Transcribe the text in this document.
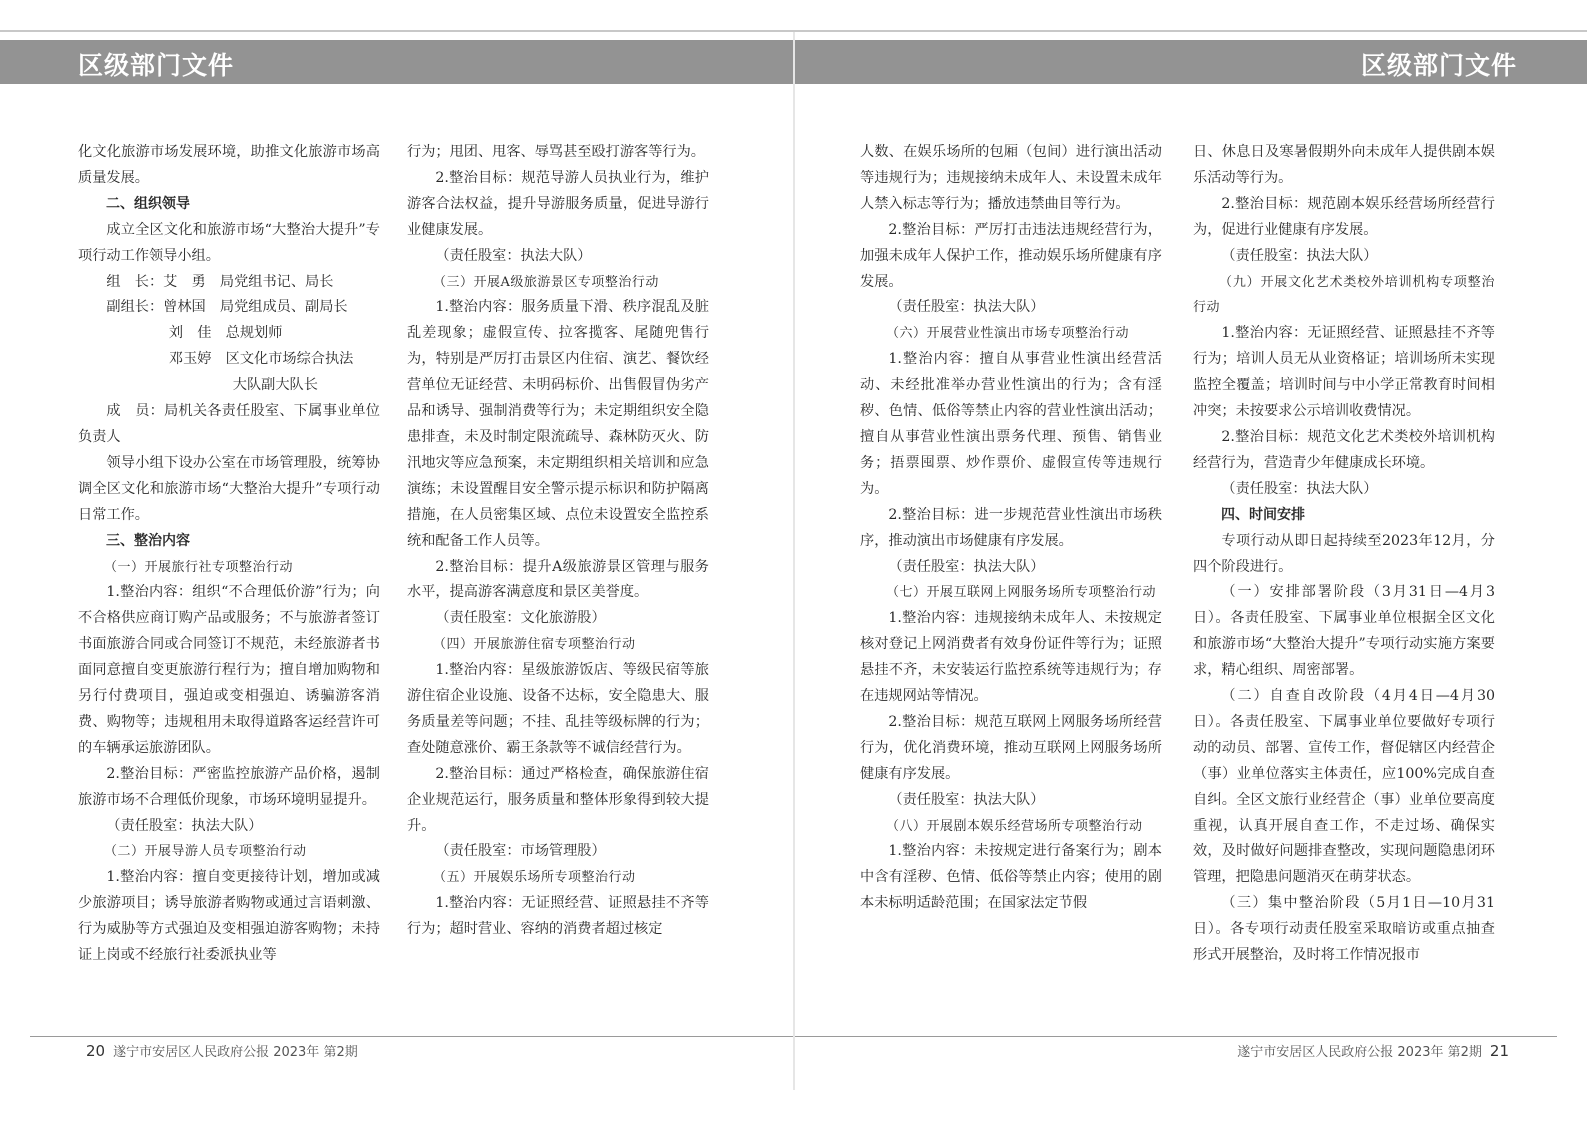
区级部门文件	区级部门文件

化文化旅游市场发展环境，助推文化旅游市场高质量发展。

二、组织领导

成立全区文化和旅游市场“大整治大提升”专项行动工作领导小组。

组　长：艾　勇　局党组书记、局长

副组长：曾林国　局党组成员、副局长

刘　佳　总规划师

邓玉婷　区文化市场综合执法

大队副大队长

成　员：局机关各责任股室、下属事业单位负责人

领导小组下设办公室在市场管理股，统筹协调全区文化和旅游市场“大整治大提升”专项行动日常工作。

三、整治内容

（一）开展旅行社专项整治行动

1.整治内容：组织“不合理低价游”行为；向不合格供应商订购产品或服务；不与旅游者签订书面旅游合同或合同签订不规范，未经旅游者书面同意擅自变更旅游行程行为；擅自增加购物和另行付费项目，强迫或变相强迫、诱骗游客消费、购物等；违规租用未取得道路客运经营许可的车辆承运旅游团队。

2.整治目标：严密监控旅游产品价格，遏制旅游市场不合理低价现象，市场环境明显提升。

（责任股室：执法大队）

（二）开展导游人员专项整治行动

1.整治内容：擅自变更接待计划，增加或减少旅游项目；诱导旅游者购物或通过言语刺激、行为威胁等方式强迫及变相强迫游客购物；未持证上岗或不经旅行社委派执业等

行为；甩团、甩客、辱骂甚至殴打游客等行为。

2.整治目标：规范导游人员执业行为，维护游客合法权益，提升导游服务质量，促进导游行业健康发展。

（责任股室：执法大队）

（三）开展A级旅游景区专项整治行动

1.整治内容：服务质量下滑、秩序混乱及脏乱差现象；虚假宣传、拉客揽客、尾随兜售行为，特别是严厉打击景区内住宿、演艺、餐饮经营单位无证经营、未明码标价、出售假冒伪劣产品和诱导、强制消费等行为；未定期组织安全隐患排查，未及时制定限流疏导、森林防灭火、防汛地灾等应急预案，未定期组织相关培训和应急演练；未设置醒目安全警示提示标识和防护隔离措施，在人员密集区域、点位未设置安全监控系统和配备工作人员等。

2.整治目标：提升A级旅游景区管理与服务水平，提高游客满意度和景区美誉度。

（责任股室：文化旅游股）

（四）开展旅游住宿专项整治行动

1.整治内容：星级旅游饭店、等级民宿等旅游住宿企业设施、设备不达标，安全隐患大、服务质量差等问题；不挂、乱挂等级标牌的行为；查处随意涨价、霸王条款等不诚信经营行为。

2.整治目标：通过严格检查，确保旅游住宿企业规范运行，服务质量和整体形象得到较大提升。

（责任股室：市场管理股）

（五）开展娱乐场所专项整治行动

1.整治内容：无证照经营、证照悬挂不齐等行为；超时营业、容纳的消费者超过核定

人数、在娱乐场所的包厢（包间）进行演出活动等违规行为；违规接纳未成年人、未设置未成年人禁入标志等行为；播放违禁曲目等行为。

2.整治目标：严厉打击违法违规经营行为，加强未成年人保护工作，推动娱乐场所健康有序发展。

（责任股室：执法大队）

（六）开展营业性演出市场专项整治行动

1.整治内容：擅自从事营业性演出经营活动、未经批准举办营业性演出的行为；含有淫秽、色情、低俗等禁止内容的营业性演出活动；擅自从事营业性演出票务代理、预售、销售业务；捂票囤票、炒作票价、虚假宣传等违规行为。

2.整治目标：进一步规范营业性演出市场秩序，推动演出市场健康有序发展。

（责任股室：执法大队）

（七）开展互联网上网服务场所专项整治行动

1.整治内容：违规接纳未成年人、未按规定核对登记上网消费者有效身份证件等行为；证照悬挂不齐，未安装运行监控系统等违规行为；存在违规网站等情况。

2.整治目标：规范互联网上网服务场所经营行为，优化消费环境，推动互联网上网服务场所健康有序发展。

（责任股室：执法大队）

（八）开展剧本娱乐经营场所专项整治行动

1.整治内容：未按规定进行备案行为；剧本中含有淫秽、色情、低俗等禁止内容；使用的剧本未标明适龄范围；在国家法定节假

日、休息日及寒暑假期外向未成年人提供剧本娱乐活动等行为。

2.整治目标：规范剧本娱乐经营场所经营行为，促进行业健康有序发展。

（责任股室：执法大队）

（九）开展文化艺术类校外培训机构专项整治行动

1.整治内容：无证照经营、证照悬挂不齐等行为；培训人员无从业资格证；培训场所未实现监控全覆盖；培训时间与中小学正常教育时间相冲突；未按要求公示培训收费情况。

2.整治目标：规范文化艺术类校外培训机构经营行为，营造青少年健康成长环境。

（责任股室：执法大队）

四、时间安排

专项行动从即日起持续至2023年12月，分四个阶段进行。

（一）安排部署阶段（3月31日—4月3日）。各责任股室、下属事业单位根据全区文化和旅游市场“大整治大提升”专项行动实施方案要求，精心组织、周密部署。

（二）自查自改阶段（4月4日—4月30日）。各责任股室、下属事业单位要做好专项行动的动员、部署、宣传工作，督促辖区内经营企（事）业单位落实主体责任，应100%完成自查自纠。全区文旅行业经营企（事）业单位要高度重视，认真开展自查工作，不走过场、确保实效，及时做好问题排查整改，实现问题隐患闭环管理，把隐患问题消灭在萌芽状态。

（三）集中整治阶段（5月1日—10月31日）。各专项行动责任股室采取暗访或重点抽查形式开展整治，及时将工作情况报市

20 遂宁市安居区人民政府公报 2023年 第2期	遂宁市安居区人民政府公报 2023年 第2期 21
